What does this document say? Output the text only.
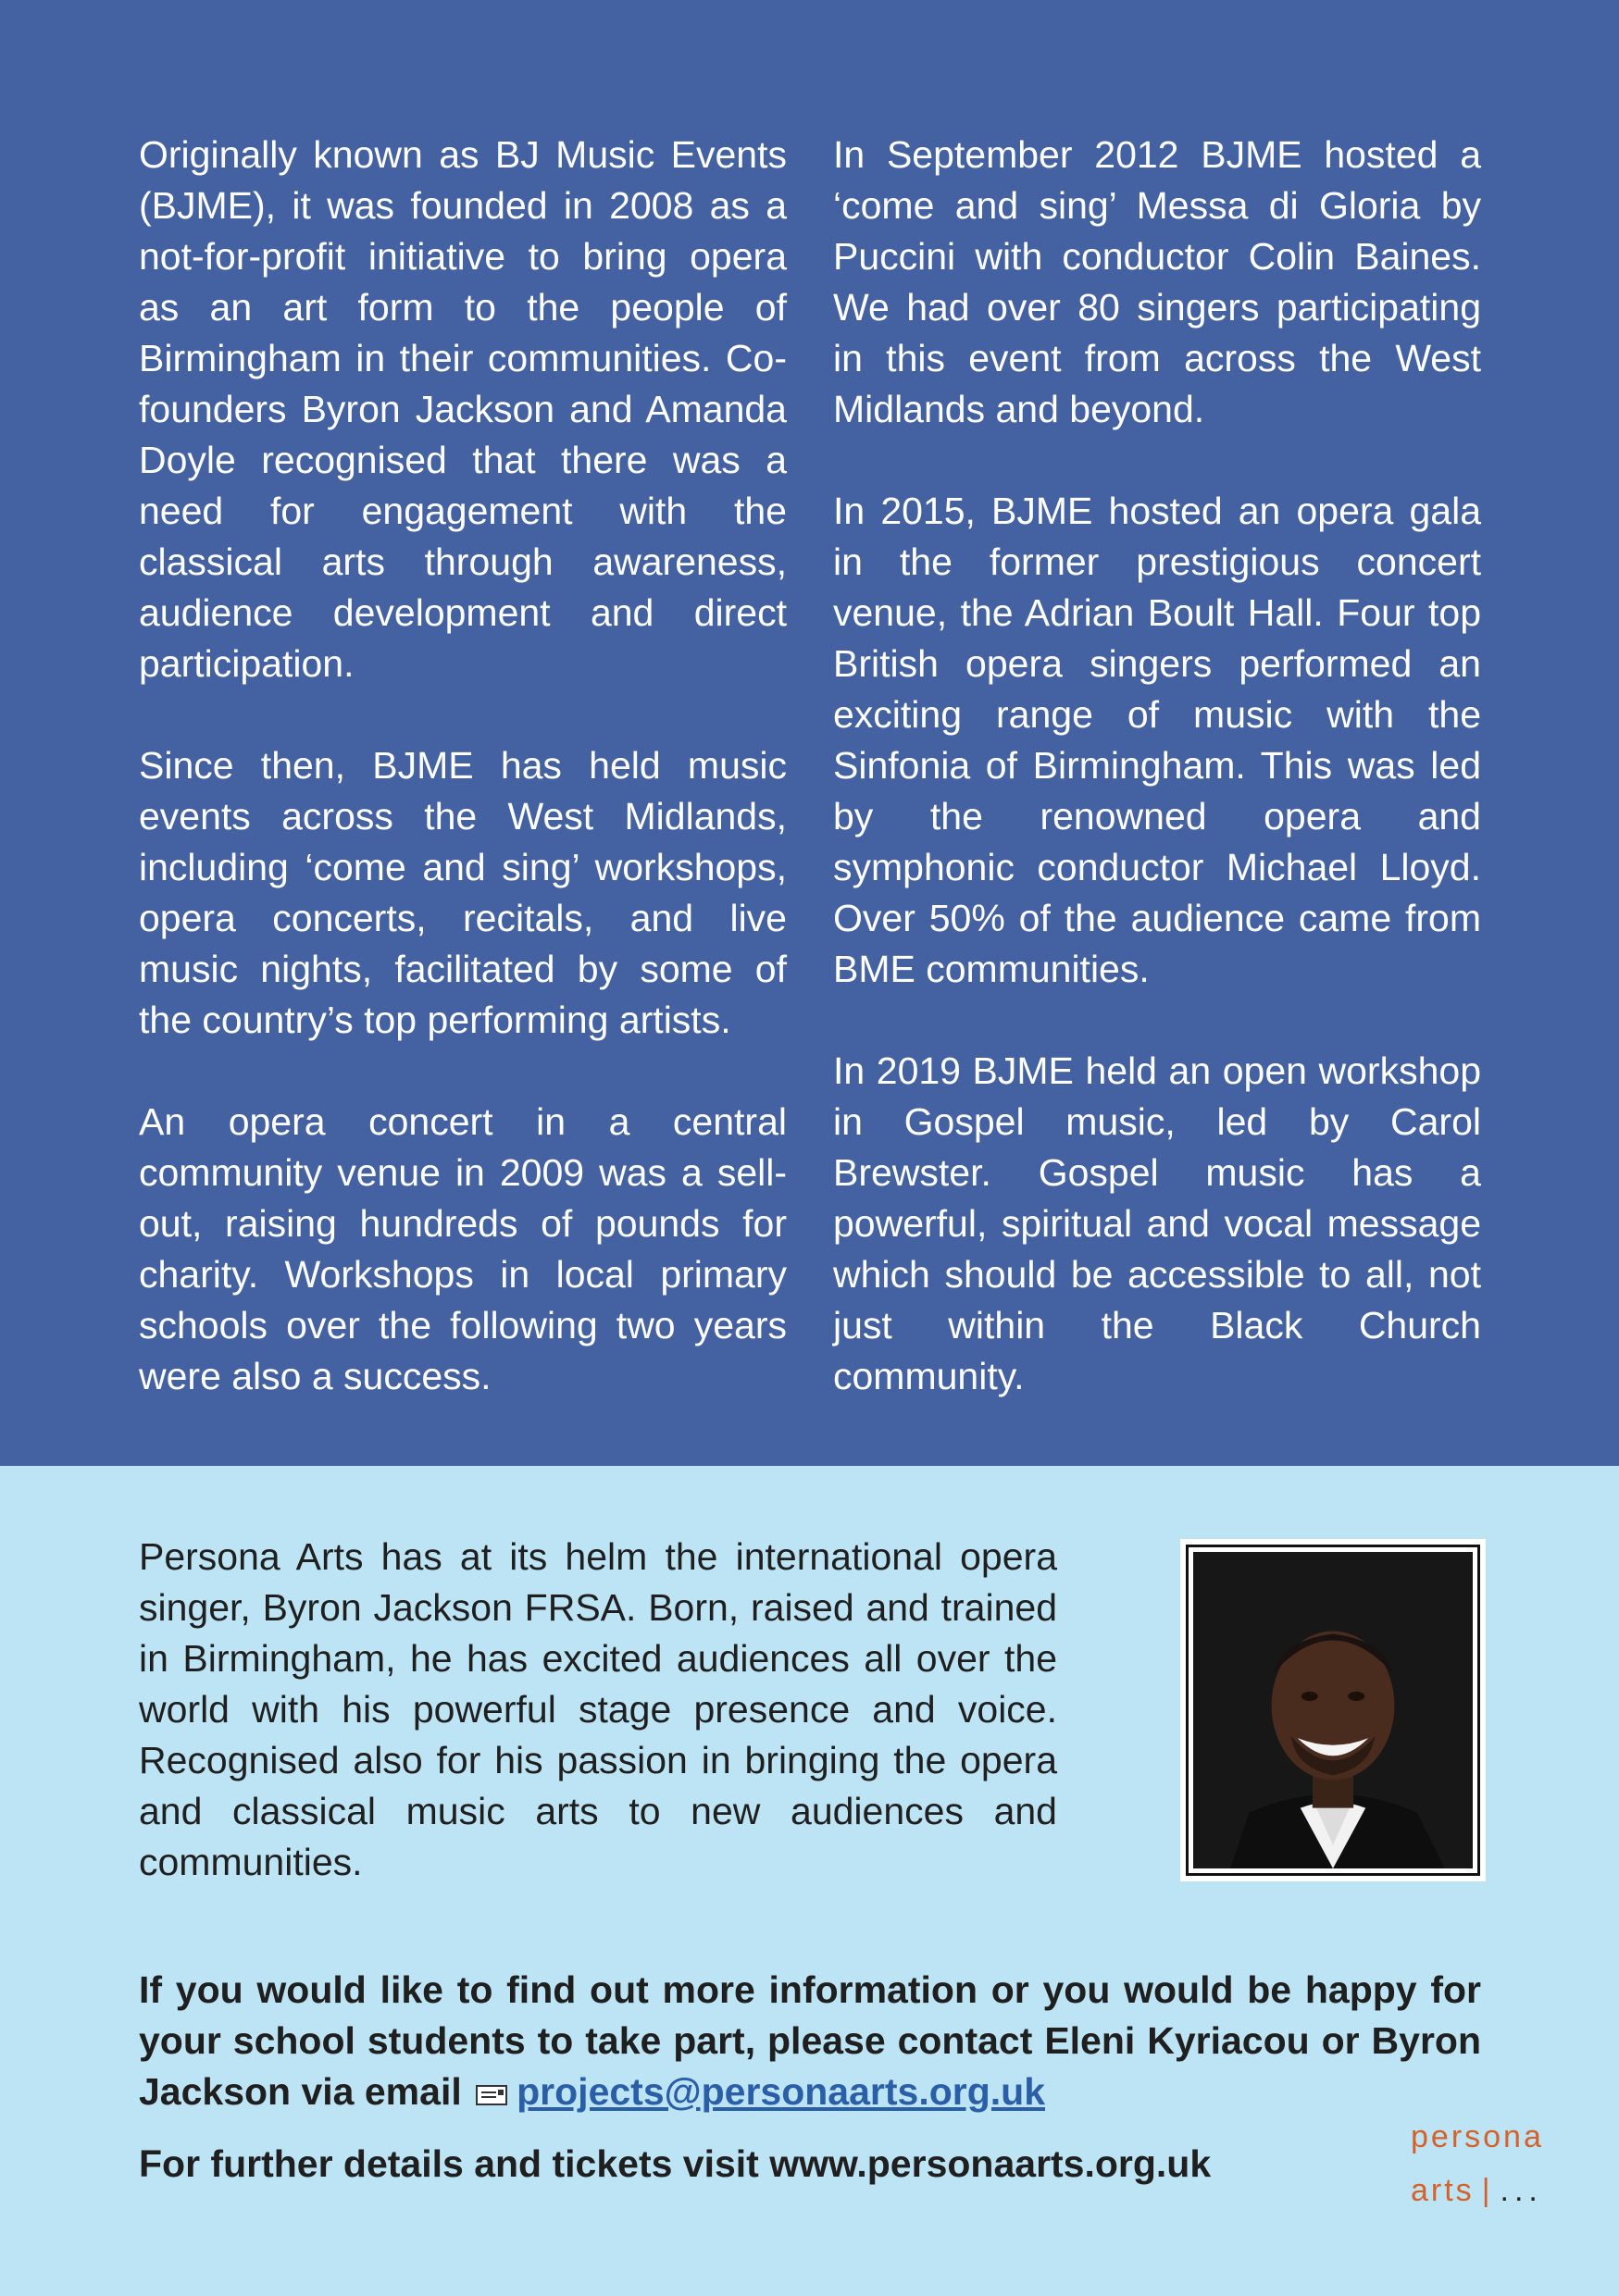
Originally known as BJ Music Events (BJME), it was founded in 2008 as a not-for-profit initiative to bring opera as an art form to the people of Birmingham in their communities. Co-founders Byron Jackson and Amanda Doyle recognised that there was a need for engagement with the classical arts through awareness, audience development and direct participation.

Since then, BJME has held music events across the West Midlands, including ‘come and sing’ workshops, opera concerts, recitals, and live music nights, facilitated by some of the country’s top performing artists.

An opera concert in a central community venue in 2009 was a sell-out, raising hundreds of pounds for charity. Workshops in local primary schools over the following two years were also a success.

In September 2012 BJME hosted a ‘come and sing’ Messa di Gloria by Puccini with conductor Colin Baines. We had over 80 singers participating in this event from across the West Midlands and beyond.

In 2015, BJME hosted an opera gala in the former prestigious concert venue, the Adrian Boult Hall. Four top British opera singers performed an exciting range of music with the Sinfonia of Birmingham. This was led by the renowned opera and symphonic conductor Michael Lloyd. Over 50% of the audience came from BME communities.

In 2019 BJME held an open workshop in Gospel music, led by Carol Brewster. Gospel music has a powerful, spiritual and vocal message which should be accessible to all, not just within the Black Church community.

Persona Arts has at its helm the international opera singer, Byron Jackson FRSA. Born, raised and trained in Birmingham, he has excited audiences all over the world with his powerful stage presence and voice. Recognised also for his passion in bringing the opera and classical music arts to new audiences and communities.

If you would like to find out more information or you would be happy for your school students to take part, please contact Eleni Kyriacou or Byron Jackson via email projects@personaarts.org.uk

For further details and tickets visit www.personaarts.org.uk

persona
arts | ...
